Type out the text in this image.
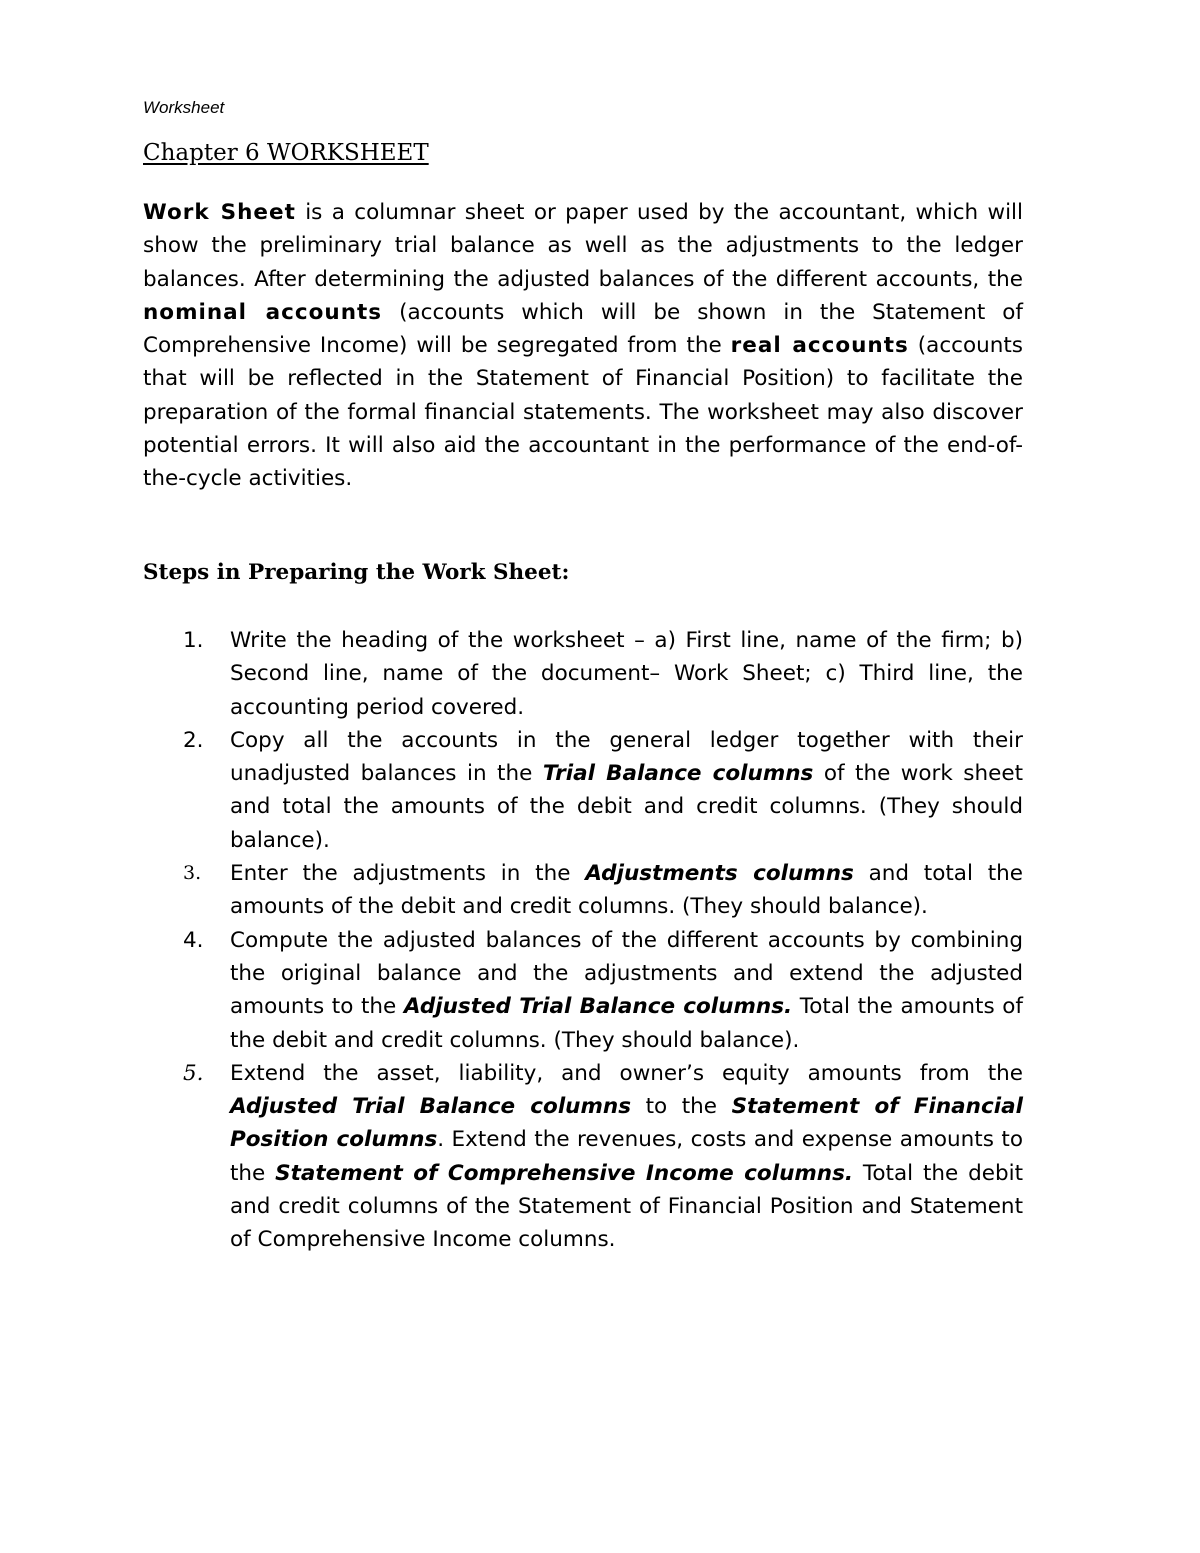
Worksheet
Chapter 6 WORKSHEET

Work Sheet is a columnar sheet or paper used by the accountant, which will show the preliminary trial balance as well as the adjustments to the ledger balances. After determining the adjusted balances of the different accounts, the nominal accounts (accounts which will be shown in the Statement of Comprehensive Income) will be segregated from the real accounts (accounts that will be reflected in the Statement of Financial Position) to facilitate the preparation of the formal financial statements. The worksheet may also discover potential errors. It will also aid the accountant in the performance of the end-of-the-cycle activities.

Steps in Preparing the Work Sheet:
1. Write the heading of the worksheet – a) First line, name of the firm; b) Second line, name of the document– Work Sheet; c) Third line, the accounting period covered.
2. Copy all the accounts in the general ledger together with their unadjusted balances in the Trial Balance columns of the work sheet and total the amounts of the debit and credit columns. (They should balance).
3. Enter the adjustments in the Adjustments columns and total the amounts of the debit and credit columns. (They should balance).
4. Compute the adjusted balances of the different accounts by combining the original balance and the adjustments and extend the adjusted amounts to the Adjusted Trial Balance columns. Total the amounts of the debit and credit columns. (They should balance).
5. Extend the asset, liability, and owner’s equity amounts from the Adjusted Trial Balance columns to the Statement of Financial Position columns. Extend the revenues, costs and expense amounts to the Statement of Comprehensive Income columns. Total the debit and credit columns of the Statement of Financial Position and Statement of Comprehensive Income columns.
